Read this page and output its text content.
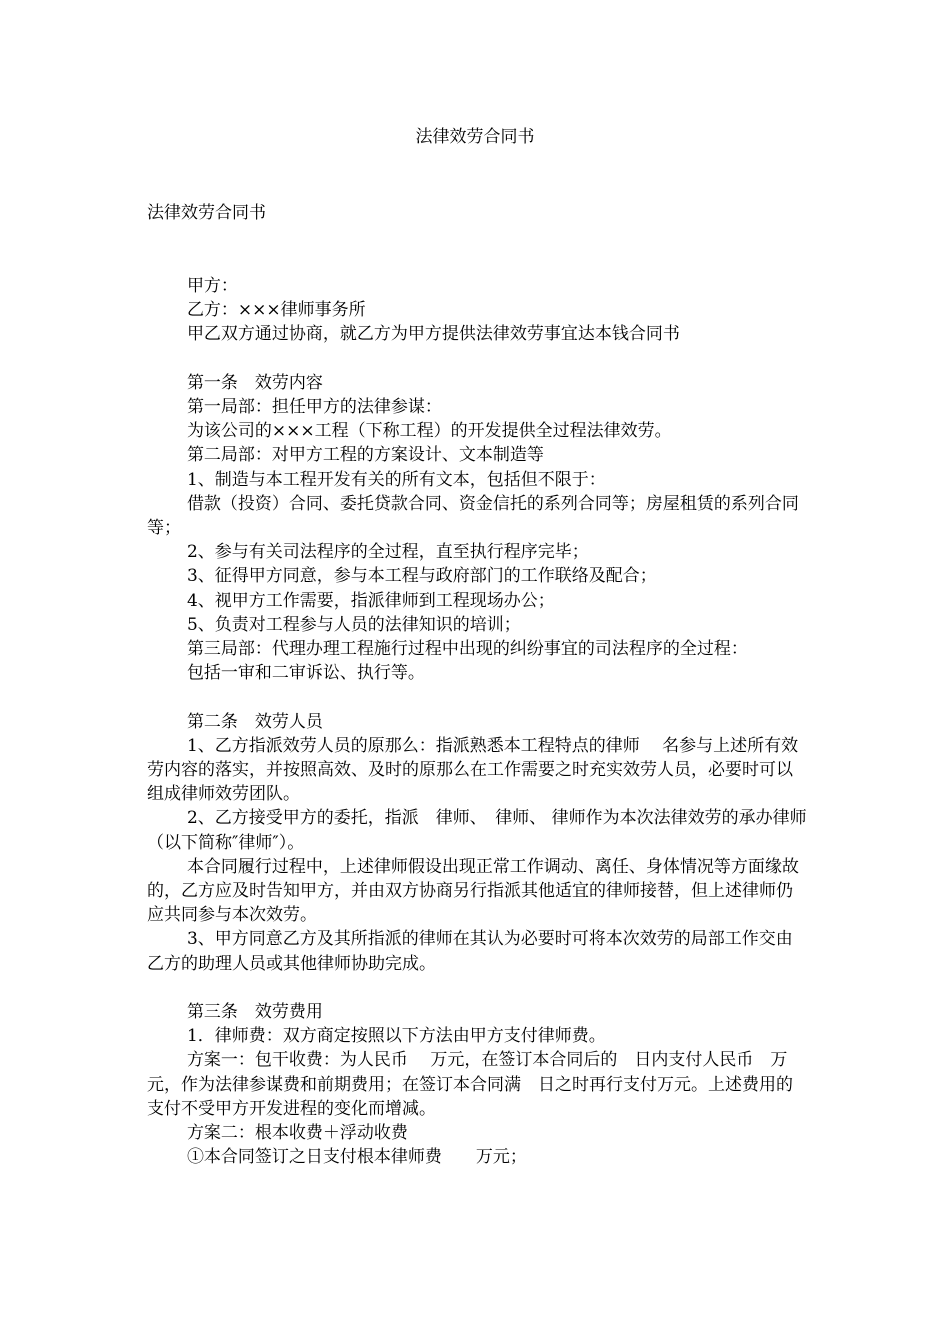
法律效劳合同书

法律效劳合同书

甲方：

乙方：×××律师事务所

甲乙双方通过协商，就乙方为甲方提供法律效劳事宜达本钱合同书

第一条　效劳内容

第一局部：担任甲方的法律参谋：

为该公司的×××工程（下称工程）的开发提供全过程法律效劳。

第二局部：对甲方工程的方案设计、文本制造等

1、制造与本工程开发有关的所有文本，包括但不限于：

借款（投资）合同、委托贷款合同、资金信托的系列合同等；房屋租赁的系列合同等；

2、参与有关司法程序的全过程，直至执行程序完毕；

3、征得甲方同意，参与本工程与政府部门的工作联络及配合；

4、视甲方工作需要，指派律师到工程现场办公；

5、负责对工程参与人员的法律知识的培训；

第三局部：代理办理工程施行过程中出现的纠纷事宜的司法程序的全过程：

包括一审和二审诉讼、执行等。

第二条　效劳人员

1、乙方指派效劳人员的原那么：指派熟悉本工程特点的律师　 名参与上述所有效劳内容的落实，并按照高效、及时的原那么在工作需要之时充实效劳人员，必要时可以组成律师效劳团队。

2、乙方接受甲方的委托，指派　律师、　律师、 律师作为本次法律效劳的承办律师（以下简称″律师″）。

本合同履行过程中，上述律师假设出现正常工作调动、离任、身体情况等方面缘故的，乙方应及时告知甲方，并由双方协商另行指派其他适宜的律师接替，但上述律师仍应共同参与本次效劳。

3、甲方同意乙方及其所指派的律师在其认为必要时可将本次效劳的局部工作交由乙方的助理人员或其他律师协助完成。

第三条　效劳费用

1．律师费：双方商定按照以下方法由甲方支付律师费。

方案一：包干收费：为人民币　 万元，在签订本合同后的　日内支付人民币　万元，作为法律参谋费和前期费用；在签订本合同满　日之时再行支付万元。上述费用的支付不受甲方开发进程的变化而增减。

方案二：根本收费＋浮动收费

①本合同签订之日支付根本律师费　　万元；
